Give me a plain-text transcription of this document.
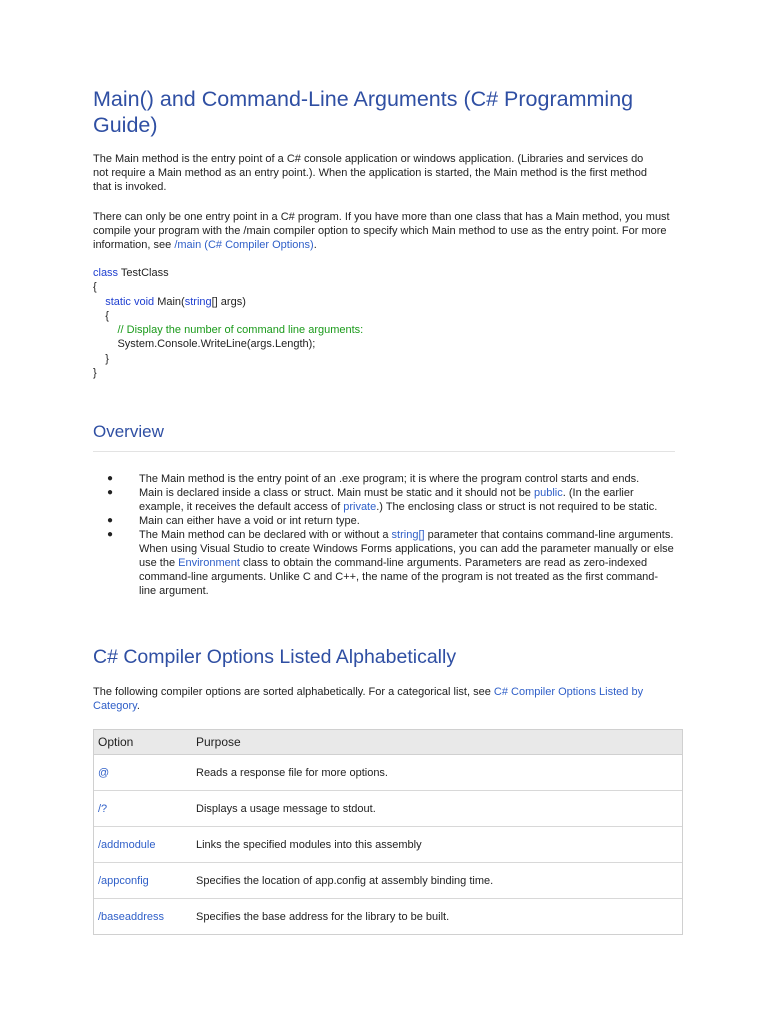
Main() and Command-Line Arguments (C# Programming Guide)

The Main method is the entry point of a C# console application or windows application. (Libraries and services do not require a Main method as an entry point.). When the application is started, the Main method is the first method that is invoked.

There can only be one entry point in a C# program. If you have more than one class that has a Main method, you must compile your program with the /main compiler option to specify which Main method to use as the entry point. For more information, see /main (C# Compiler Options).

class TestClass
{
static void Main(string[] args)
{
// Display the number of command line arguments:
System.Console.WriteLine(args.Length);
}
}
Overview
●	The Main method is the entry point of an .exe program; it is where the program control starts and ends.
●	Main is declared inside a class or struct. Main must be static and it should not be public. (In the earlier example, it receives the default access of private.) The enclosing class or struct is not required to be static.
●	Main can either have a void or int return type.
●	The Main method can be declared with or without a string[] parameter that contains command-line arguments. When using Visual Studio to create Windows Forms applications, you can add the parameter manually or else use the Environment class to obtain the command-line arguments. Parameters are read as zero-indexed command-line arguments. Unlike C and C++, the name of the program is not treated as the first command-line argument.
C# Compiler Options Listed Alphabetically

The following compiler options are sorted alphabetically. For a categorical list, see C# Compiler Options Listed by Category.

Option	Purpose
@	Reads a response file for more options.
/?	Displays a usage message to stdout.
/addmodule	Links the specified modules into this assembly
/appconfig	Specifies the location of app.config at assembly binding time.
/baseaddress	Specifies the base address for the library to be built.
